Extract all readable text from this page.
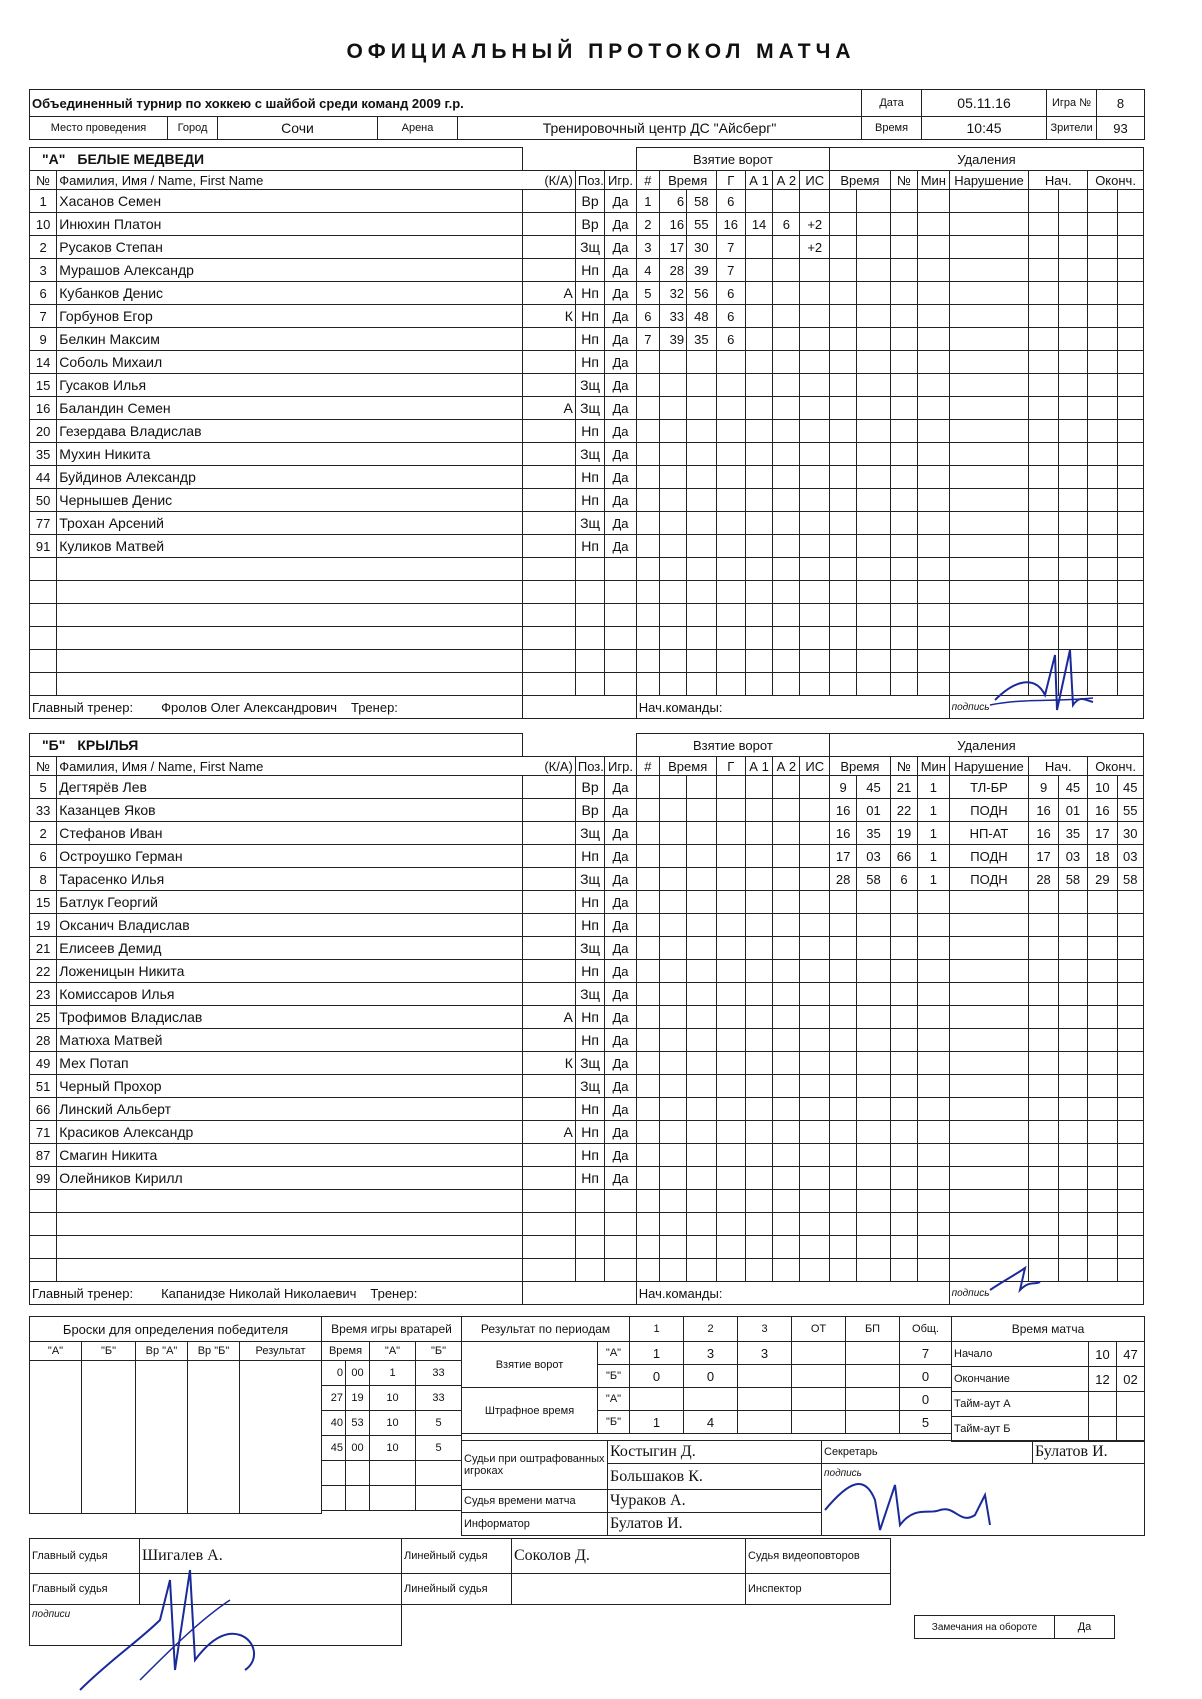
ОФИЦИАЛЬНЫЙ ПРОТОКОЛ МАТЧА
Объединенный турнир по хоккею с шайбой среди команд 2009 г.р.					Дата	05.11.16	Игра №	8
Место проведения	Город	Сочи	Арена	Тренировочный центр ДС "Айсберг"	Время	10:45	Зрители	93
"А" БЕЛЫЕ МЕДВЕДИ					Взятие ворот							Удаления								
№	Фамилия, Имя / Name, First Name (К/А)		Поз.	Игр.	#	Время		Г	А 1	А 2	ИС	Время		№	Мин	Нарушение	Нач.		Оконч.	
1	Хасанов Семен		Вр	Да	1	6	58	6												
10	Инюхин Платон		Вр	Да	2	16	55	16	14	6	+2									
2	Русаков Степан		Зщ	Да	3	17	30	7			+2									
3	Мурашов Александр		Нп	Да	4	28	39	7												
6	Кубанков Денис	А	Нп	Да	5	32	56	6												
7	Горбунов Егор	К	Нп	Да	6	33	48	6												
9	Белкин Максим		Нп	Да	7	39	35	6												
14	Соболь Михаил		Нп	Да																
15	Гусаков Илья		Зщ	Да																
16	Баландин Семен	А	Зщ	Да																
20	Гезердава Владислав		Нп	Да																
35	Мухин Никита		Зщ	Да																
44	Буйдинов Александр		Нп	Да																
50	Чернышев Денис		Нп	Да																
77	Трохан Арсений		Зщ	Да																
91	Куликов Матвей		Нп	Да																

Главный тренер: Фролов Олег Александрович Тренер:					Нач.команды:											подпись				
"Б" КРЫЛЬЯ					Взятие ворот							Удаления								
№	Фамилия, Имя / Name, First Name (К/А)		Поз.	Игр.	#	Время		Г	А 1	А 2	ИС	Время		№	Мин	Нарушение	Нач.		Оконч.	
5	Дегтярёв Лев		Вр	Да								9	45	21	1	ТЛ-БР	9	45	10	45
33	Казанцев Яков		Вр	Да								16	01	22	1	ПОДН	16	01	16	55
2	Стефанов Иван		Зщ	Да								16	35	19	1	НП-АТ	16	35	17	30
6	Остроушко Герман		Нп	Да								17	03	66	1	ПОДН	17	03	18	03
8	Тарасенко Илья		Зщ	Да								28	58	6	1	ПОДН	28	58	29	58
15	Батлук Георгий		Нп	Да																
19	Оксанич Владислав		Нп	Да																
21	Елисеев Демид		Зщ	Да																
22	Ложеницын Никита		Нп	Да																
23	Комиссаров Илья		Зщ	Да																
25	Трофимов Владислав	А	Нп	Да																
28	Матюха Матвей		Нп	Да																
49	Мех Потап	К	Зщ	Да																
51	Черный Прохор		Зщ	Да																
66	Линский Альберт		Нп	Да																
71	Красиков Александр	А	Нп	Да																
87	Смагин Никита		Нп	Да																
99	Олейников Кирилл		Нп	Да																

Главный тренер: Капанидзе Николай Николаевич Тренер:					Нач.команды:											подпись				
Броски для определения победителя				
"А"	"Б"	Вр "А"	Вр "Б"	Результат

Время игры вратарей			
Время		"А"	"Б"
0	00	1	33
27	19	10	33
40	53	10	5
45	00	10	5

Результат по периодам		1	2	3	ОТ	БП	Общ.
Взятие ворот	"А"	1	3	3			7
	"Б"	0	0				0
Штрафное время	"А"						0
	"Б"	1	4				5
Время матча		
Начало	10	47
Окончание	12	02
Тайм-аут А		
Тайм-аут Б		
Судьи при оштрафованных игроках	Костыгин Д.	Секретарь	Булатов И.
	Большаков К.	подпись	
Судья времени матча	Чураков А.		
Информатор	Булатов И.		
Главный судья	Шигалев А.	Линейный судья	Соколов Д.	Судья видеоповторов	
Главный судья		Линейный судья		Инспектор	
подписи					
Замечания на обороте	Да
